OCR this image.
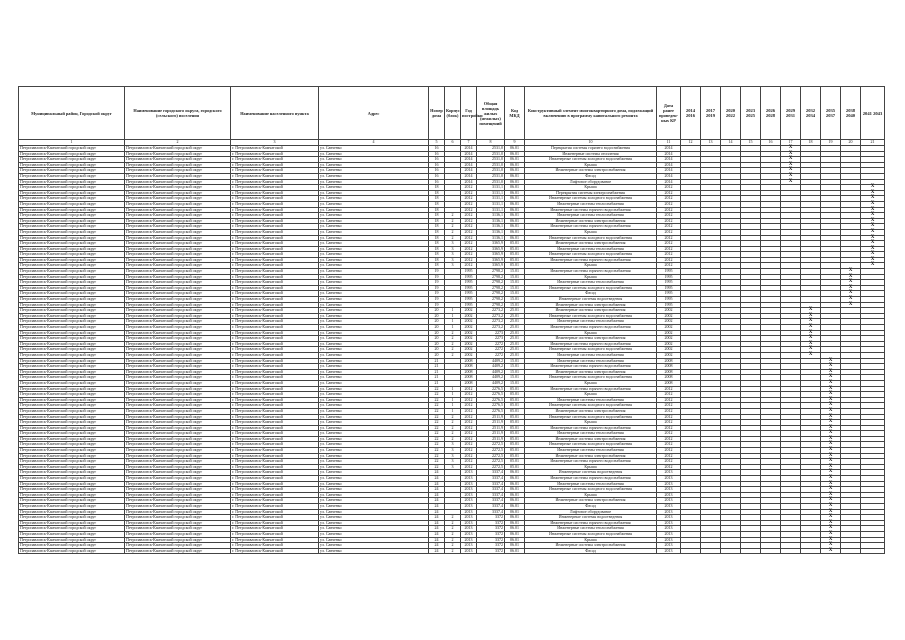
Муниципальный район, Городской округ	Наименование городского округа, городского (сельского) поселения	Наименование населенного пункта	Адрес	Номер дома	Корпус (блок)	Год постройки	Общая площадь жилых (нежилых) помещений	Код МКД	Конструктивный элемент многоквартирного дома, подлежащий включению в программу капитального ремонта	Дата ранее проведен-ных КР	2014 2016	2017 2019	2020 2022	2023 2025	2026 2028	2029 2031	2032 2034	2035 2037	2038 2040	2041 2043
1	2	3	4	5	6	7	8	9	10	11	12	13	14	15	16	17	18	19	20	21
Петропавловск-Камчатский городской округ	Петропавловск-Камчатский городской округ	г. Петропавловск-Камчатский	ул. Савченко	16		2014	2531,0	06.01	Перекрытия системы горячего водоснабжения	2014						X				
Петропавловск-Камчатский городской округ	Петропавловск-Камчатский городской округ	г. Петропавловск-Камчатский	ул. Савченко	16		2014	2531,0	06.01	Инженерные системы отопления	2014						X				
Петропавловск-Камчатский городской округ	Петропавловск-Камчатский городской округ	г. Петропавловск-Камчатский	ул. Савченко	16		2014	2531,0	06.01	Инженерные системы холодного водоснабжения	2014						X				
Петропавловск-Камчатский городской округ	Петропавловск-Камчатский городской округ	г. Петропавловск-Камчатский	ул. Савченко	16		2014	2531,0	06.01	Крыша	2014						X				
Петропавловск-Камчатский городской округ	Петропавловск-Камчатский городской округ	г. Петропавловск-Камчатский	ул. Савченко	16		2014	2531,0	06.01	Инженерные системы электроснабжения	2014						X				
Петропавловск-Камчатский городской округ	Петропавловск-Камчатский городской округ	г. Петропавловск-Камчатский	ул. Савченко	16		2014	2531,0	06.01	Фасад	2014						X				
Петропавловск-Камчатский городской округ	Петропавловск-Камчатский городской округ	г. Петропавловск-Камчатский	ул. Савченко	16		2014	2531,0	06.01	Лифтовое оборудование	2014						X				
Петропавловск-Камчатский городской округ	Петропавловск-Камчатский городской округ	г. Петропавловск-Камчатский	ул. Савченко	18		2012	3131,1	06.01	Крыша	2012										X
Петропавловск-Камчатский городской округ	Петропавловск-Камчатский городской округ	г. Петропавловск-Камчатский	ул. Савченко	18		2012	3131,1	06.01	Перекрытия системы электроснабжения	2012										X
Петропавловск-Камчатский городской округ	Петропавловск-Камчатский городской округ	г. Петропавловск-Камчатский	ул. Савченко	18		2012	3131,1	06.01	Инженерные системы холодного водоснабжения	2012										X
Петропавловск-Камчатский городской округ	Петропавловск-Камчатский городской округ	г. Петропавловск-Камчатский	ул. Савченко	18		2012	3131,1	06.01	Инженерные системы теплоснабжения	2012										X
Петропавловск-Камчатский городской округ	Петропавловск-Камчатский городской округ	г. Петропавловск-Камчатский	ул. Савченко	18		2012	3131,1	06.01	Инженерные системы горячего водоснабжения	2012										X
Петропавловск-Камчатский городской округ	Петропавловск-Камчатский городской округ	г. Петропавловск-Камчатский	ул. Савченко	18	2	2012	3136,1	06.01	Инженерные системы теплоснабжения	2012										X
Петропавловск-Камчатский городской округ	Петропавловск-Камчатский городской округ	г. Петропавловск-Камчатский	ул. Савченко	18	2	2012	3136,1	06.01	Инженерные системы электроснабжения	2012										X
Петропавловск-Камчатский городской округ	Петропавловск-Камчатский городской округ	г. Петропавловск-Камчатский	ул. Савченко	18	2	2012	3136,1	06.01	Инженерные системы горячего водоснабжения	2012										X
Петропавловск-Камчатский городской округ	Петропавловск-Камчатский городской округ	г. Петропавловск-Камчатский	ул. Савченко	18	2	2012	3136,1	06.01	Крыша	2012										X
Петропавловск-Камчатский городской округ	Петропавловск-Камчатский городской округ	г. Петропавловск-Камчатский	ул. Савченко	18	2	2012	3136,1	06.01	Инженерные системы холодного водоснабжения	2012										X
Петропавловск-Камчатский городской округ	Петропавловск-Камчатский городской округ	г. Петропавловск-Камчатский	ул. Савченко	18	3	2012	3365,9	05.01	Инженерные системы электроснабжения	2012										X
Петропавловск-Камчатский городской округ	Петропавловск-Камчатский городской округ	г. Петропавловск-Камчатский	ул. Савченко	18	3	2012	3365,9	05.01	Инженерные системы теплоснабжения	2012										X
Петропавловск-Камчатский городской округ	Петропавловск-Камчатский городской округ	г. Петропавловск-Камчатский	ул. Савченко	18	3	2012	3365,9	05.01	Инженерные системы холодного водоснабжения	2012										X
Петропавловск-Камчатский городской округ	Петропавловск-Камчатский городской округ	г. Петропавловск-Камчатский	ул. Савченко	18	3	2012	3365,9	05.01	Инженерные системы горячего водоснабжения	2012										X
Петропавловск-Камчатский городской округ	Петропавловск-Камчатский городской округ	г. Петропавловск-Камчатский	ул. Савченко	18	3	2012	3365,9	05.01	Крыша	2012										X
Петропавловск-Камчатский городской округ	Петропавловск-Камчатский городской округ	г. Петропавловск-Камчатский	ул. Савченко	19		1995	2798,2	15.01	Инженерные системы горячего водоснабжения	1995									X	
Петропавловск-Камчатский городской округ	Петропавловск-Камчатский городской округ	г. Петропавловск-Камчатский	ул. Савченко	19		1995	2798,2	15.01	Крыша	1995									X	
Петропавловск-Камчатский городской округ	Петропавловск-Камчатский городской округ	г. Петропавловск-Камчатский	ул. Савченко	19		1995	2798,2	15.01	Инженерные системы теплоснабжения	1995									X	
Петропавловск-Камчатский городской округ	Петропавловск-Камчатский городской округ	г. Петропавловск-Камчатский	ул. Савченко	19		1995	2798,2	15.01	Инженерные системы холодного водоснабжения	1995									X	
Петропавловск-Камчатский городской округ	Петропавловск-Камчатский городской округ	г. Петропавловск-Камчатский	ул. Савченко	19		1995	2798,2	15.01	Фасад	1995									X	
Петропавловск-Камчатский городской округ	Петропавловск-Камчатский городской округ	г. Петропавловск-Камчатский	ул. Савченко	19		1995	2798,2	15.01	Инженерные системы водоотведения	1995									X	
Петропавловск-Камчатский городской округ	Петропавловск-Камчатский городской округ	г. Петропавловск-Камчатский	ул. Савченко	19		1995	2798,2	15.01	Инженерные системы электроснабжения	1995									X	
Петропавловск-Камчатский городской округ	Петропавловск-Камчатский городской округ	г. Петропавловск-Камчатский	ул. Савченко	20	1	2002	2273,2	25.01	Инженерные системы электроснабжения	2002							X			
Петропавловск-Камчатский городской округ	Петропавловск-Камчатский городской округ	г. Петропавловск-Камчатский	ул. Савченко	20	1	2002	2273,2	25.01	Инженерные системы холодного водоснабжения	2002							X			
Петропавловск-Камчатский городской округ	Петропавловск-Камчатский городской округ	г. Петропавловск-Камчатский	ул. Савченко	20	1	2002	2273,2	25.01	Инженерные системы теплоснабжения	2002							X			
Петропавловск-Камчатский городской округ	Петропавловск-Камчатский городской округ	г. Петропавловск-Камчатский	ул. Савченко	20	1	2002	2273,2	25.01	Инженерные системы горячего водоснабжения	2002							X			
Петропавловск-Камчатский городской округ	Петропавловск-Камчатский городской округ	г. Петропавловск-Камчатский	ул. Савченко	20	2	2002	2273	25.01	Крыша	2002							X			
Петропавловск-Камчатский городской округ	Петропавловск-Камчатский городской округ	г. Петропавловск-Камчатский	ул. Савченко	20	2	2002	2273	25.01	Инженерные системы электроснабжения	2002							X			
Петропавловск-Камчатский городской округ	Петропавловск-Камчатский городской округ	г. Петропавловск-Камчатский	ул. Савченко	20	2	2002	2272	25.01	Инженерные системы горячего водоснабжения	2002							X			
Петропавловск-Камчатский городской округ	Петропавловск-Камчатский городской округ	г. Петропавловск-Камчатский	ул. Савченко	20	2	2002	2272	25.01	Инженерные системы холодного водоснабжения	2002							X			
Петропавловск-Камчатский городской округ	Петропавловск-Камчатский городской округ	г. Петропавловск-Камчатский	ул. Савченко	20	2	2002	2272	25.01	Инженерные системы теплоснабжения	2002							X			
Петропавловск-Камчатский городской округ	Петропавловск-Камчатский городской округ	г. Петропавловск-Камчатский	ул. Савченко	21		2008	4409,2	15.01	Инженерные системы теплоснабжения	2008								X		
Петропавловск-Камчатский городской округ	Петропавловск-Камчатский городской округ	г. Петропавловск-Камчатский	ул. Савченко	21		2008	4409,2	15.01	Инженерные системы горячего водоснабжения	2008								X		
Петропавловск-Камчатский городской округ	Петропавловск-Камчатский городской округ	г. Петропавловск-Камчатский	ул. Савченко	21		2008	4409,2	15.01	Инженерные системы электроснабжения	2008								X		
Петропавловск-Камчатский городской округ	Петропавловск-Камчатский городской округ	г. Петропавловск-Камчатский	ул. Савченко	21		2008	4409,2	15.01	Инженерные системы холодного водоснабжения	2008								X		
Петропавловск-Камчатский городской округ	Петропавловск-Камчатский городской округ	г. Петропавловск-Камчатский	ул. Савченко	21		2008	4409,2	15.01	Крыша	2008								X		
Петропавловск-Камчатский городской округ	Петропавловск-Камчатский городской округ	г. Петропавловск-Камчатский	ул. Савченко	22	1	2012	2276,5	05.01	Инженерные системы горячего водоснабжения	2012								X		
Петропавловск-Камчатский городской округ	Петропавловск-Камчатский городской округ	г. Петропавловск-Камчатский	ул. Савченко	22	1	2012	2276,5	05.01	Крыша	2012								X		
Петропавловск-Камчатский городской округ	Петропавловск-Камчатский городской округ	г. Петропавловск-Камчатский	ул. Савченко	22	1	2012	2276,5	05.01	Инженерные системы теплоснабжения	2012								X		
Петропавловск-Камчатский городской округ	Петропавловск-Камчатский городской округ	г. Петропавловск-Камчатский	ул. Савченко	22	1	2012	2276,5	05.01	Инженерные системы холодного водоснабжения	2012								X		
Петропавловск-Камчатский городской округ	Петропавловск-Камчатский городской округ	г. Петропавловск-Камчатский	ул. Савченко	22	1	2012	2276,5	05.01	Инженерные системы электроснабжения	2012								X		
Петропавловск-Камчатский городской округ	Петропавловск-Камчатский городской округ	г. Петропавловск-Камчатский	ул. Савченко	22	2	2012	2511,9	05.01	Инженерные системы холодного водоснабжения	2012								X		
Петропавловск-Камчатский городской округ	Петропавловск-Камчатский городской округ	г. Петропавловск-Камчатский	ул. Савченко	22	2	2012	2511,9	05.01	Крыша	2012								X		
Петропавловск-Камчатский городской округ	Петропавловск-Камчатский городской округ	г. Петропавловск-Камчатский	ул. Савченко	22	2	2012	2511,9	05.01	Инженерные системы горячего водоснабжения	2012								X		
Петропавловск-Камчатский городской округ	Петропавловск-Камчатский городской округ	г. Петропавловск-Камчатский	ул. Савченко	22	2	2012	2511,9	05.01	Инженерные системы теплоснабжения	2012								X		
Петропавловск-Камчатский городской округ	Петропавловск-Камчатский городской округ	г. Петропавловск-Камчатский	ул. Савченко	22	2	2012	2511,9	05.01	Инженерные системы электроснабжения	2012								X		
Петропавловск-Камчатский городской округ	Петропавловск-Камчатский городской округ	г. Петропавловск-Камчатский	ул. Савченко	22	3	2012	2272,5	05.01	Инженерные системы холодного водоснабжения	2012								X		
Петропавловск-Камчатский городской округ	Петропавловск-Камчатский городской округ	г. Петропавловск-Камчатский	ул. Савченко	22	3	2012	2272,5	05.01	Инженерные системы теплоснабжения	2012								X		
Петропавловск-Камчатский городской округ	Петропавловск-Камчатский городской округ	г. Петропавловск-Камчатский	ул. Савченко	22	3	2012	2272,5	05.01	Инженерные системы электроснабжения	2012								X		
Петропавловск-Камчатский городской округ	Петропавловск-Камчатский городской округ	г. Петропавловск-Камчатский	ул. Савченко	22	3	2012	2272,5	05.01	Инженерные системы горячего водоснабжения	2012								X		
Петропавловск-Камчатский городской округ	Петропавловск-Камчатский городской округ	г. Петропавловск-Камчатский	ул. Савченко	22	3	2012	2272,5	05.01	Крыша	2012								X		
Петропавловск-Камчатский городской округ	Петропавловск-Камчатский городской округ	г. Петропавловск-Камчатский	ул. Савченко	24		2013	3337,4	06.01	Инженерные системы водоотведения	2013								X		
Петропавловск-Камчатский городской округ	Петропавловск-Камчатский городской округ	г. Петропавловск-Камчатский	ул. Савченко	24		2013	3337,4	06.01	Инженерные системы горячего водоснабжения	2013								X		
Петропавловск-Камчатский городской округ	Петропавловск-Камчатский городской округ	г. Петропавловск-Камчатский	ул. Савченко	24		2013	3337,4	06.01	Инженерные системы теплоснабжения	2013								X		
Петропавловск-Камчатский городской округ	Петропавловск-Камчатский городской округ	г. Петропавловск-Камчатский	ул. Савченко	24		2013	3337,4	06.01	Инженерные системы холодного водоснабжения	2013								X		
Петропавловск-Камчатский городской округ	Петропавловск-Камчатский городской округ	г. Петропавловск-Камчатский	ул. Савченко	24		2013	3337,4	06.01	Крыша	2013								X		
Петропавловск-Камчатский городской округ	Петропавловск-Камчатский городской округ	г. Петропавловск-Камчатский	ул. Савченко	24		2013	3337,4	06.01	Инженерные системы электроснабжения	2013								X		
Петропавловск-Камчатский городской округ	Петропавловск-Камчатский городской округ	г. Петропавловск-Камчатский	ул. Савченко	24		2013	3337,4	06.01	Фасад	2013								X		
Петропавловск-Камчатский городской округ	Петропавловск-Камчатский городской округ	г. Петропавловск-Камчатский	ул. Савченко	24		2013	3337,4	06.01	Лифтовое оборудование	2013								X		
Петропавловск-Камчатский городской округ	Петропавловск-Камчатский городской округ	г. Петропавловск-Камчатский	ул. Савченко	24	2	2013	3372	06.01	Инженерные системы водоотведения	2013								X		
Петропавловск-Камчатский городской округ	Петропавловск-Камчатский городской округ	г. Петропавловск-Камчатский	ул. Савченко	24	2	2013	3372	06.01	Инженерные системы горячего водоснабжения	2013								X		
Петропавловск-Камчатский городской округ	Петропавловск-Камчатский городской округ	г. Петропавловск-Камчатский	ул. Савченко	24	2	2013	3372	06.01	Инженерные системы теплоснабжения	2013								X		
Петропавловск-Камчатский городской округ	Петропавловск-Камчатский городской округ	г. Петропавловск-Камчатский	ул. Савченко	24	2	2013	3372	06.01	Инженерные системы холодного водоснабжения	2013								X		
Петропавловск-Камчатский городской округ	Петропавловск-Камчатский городской округ	г. Петропавловск-Камчатский	ул. Савченко	24	2	2013	3372	06.01	Крыша	2013								X		
Петропавловск-Камчатский городской округ	Петропавловск-Камчатский городской округ	г. Петропавловск-Камчатский	ул. Савченко	24	2	2013	3372	06.01	Инженерные системы электроснабжения	2013								X		
Петропавловск-Камчатский городской округ	Петропавловск-Камчатский городской округ	г. Петропавловск-Камчатский	ул. Савченко	24	2	2013	3372	06.01	Фасад	2013								X		
